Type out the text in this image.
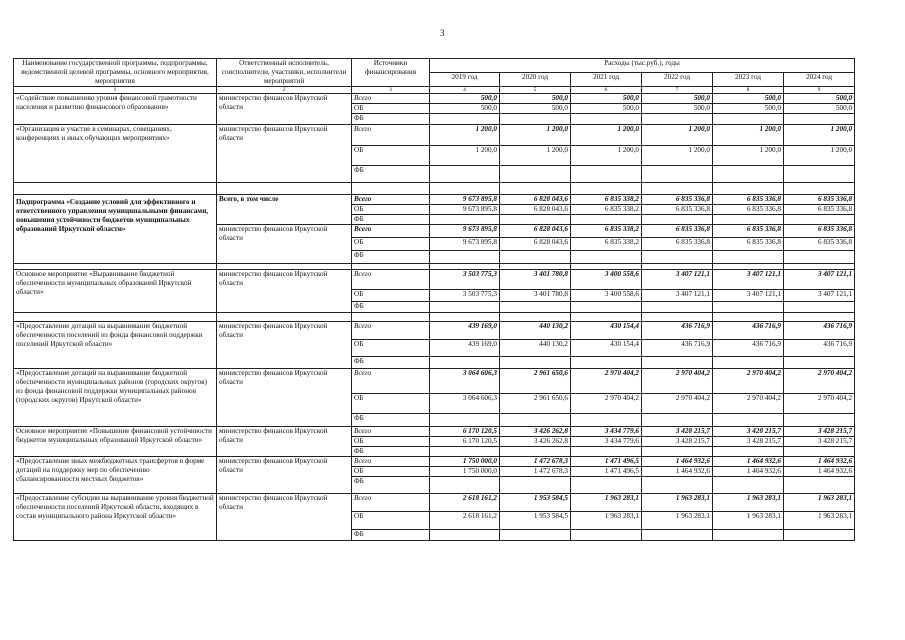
3
Наименование государственной программы, подпрограммы, ведомственной целевой программы, основного мероприятия, мероприятия	Ответственный исполнитель, соисполнители, участники, исполнители мероприятий	Источники финансирования	Расходы (тыс.руб.), годы					
			2019 год	2020 год	2021 год	2022 год	2023 год	2024 год
1	2	3	4	5	6	7	8	9
«Содействие повышению уровня финансовой грамотности населения и развитию финансового образования»	министерство финансов Иркутской области	Всего	500,0	500,0	500,0	500,0	500,0	500,0
		ОБ	500,0	500,0	500,0	500,0	500,0	500,0
		ФБ						
«Организация и участие в семинарах, совещаниях, конференциях и иных обучающих мероприятиях»	министерство финансов Иркутской области	Всего	1 200,0	1 200,0	1 200,0	1 200,0	1 200,0	1 200,0
		ОБ	1 200,0	1 200,0	1 200,0	1 200,0	1 200,0	1 200,0
		ФБ						

Подпрограмма «Создание условий для эффективного и ответственного управления муниципальными финансами, повышения устойчивости бюджетов муниципальных образований Иркутской области»	Всего, в том числе	Всего	9 673 895,8	6 828 043,6	6 835 338,2	6 835 336,8	6 835 336,8	6 835 336,8
		ОБ	9 673 895,8	6 828 043,6	6 835 338,2	6 835 336,8	6 835 336,8	6 835 336,8
		ФБ						
	министерство финансов Иркутской области	Всего	9 673 895,8	6 828 043,6	6 835 338,2	6 835 336,8	6 835 336,8	6 835 336,8
		ОБ	9 673 895,8	6 828 043,6	6 835 338,2	6 835 336,8	6 835 336,8	6 835 336,8
		ФБ						

Основное мероприятие «Выравнивание бюджетной обеспеченности муниципальных образований Иркутской области»	министерство финансов Иркутской области	Всего	3 503 775,3	3 401 780,8	3 400 558,6	3 407 121,1	3 407 121,1	3 407 121,1
		ОБ	3 503 775,3	3 401 780,8	3 400 558,6	3 407 121,1	3 407 121,1	3 407 121,1
		ФБ						

«Предоставление дотаций на выравнивание бюджетной обеспеченности поселений из фонда финансовой поддержки поселений Иркутской области»	министерство финансов Иркутской области	Всего	439 169,0	440 130,2	430 154,4	436 716,9	436 716,9	436 716,9
		ОБ	439 169,0	440 130,2	430 154,4	436 716,9	436 716,9	436 716,9
		ФБ						
«Предоставление дотаций на выравнивание бюджетной обеспеченности муниципальных районов (городских округов) из фонда финансовой поддержки муниципальных районов (городских округов) Иркутской области»	министерство финансов Иркутской области	Всего	3 064 606,3	2 961 650,6	2 970 404,2	2 970 404,2	2 970 404,2	2 970 404,2
		ОБ	3 064 606,3	2 961 650,6	2 970 404,2	2 970 404,2	2 970 404,2	2 970 404,2
		ФБ						
Основное мероприятие «Повышение финансовой устойчивости бюджетов муниципальных образований Иркутской области»	министерство финансов Иркутской области	Всего	6 170 120,5	3 426 262,8	3 434 779,6	3 428 215,7	3 428 215,7	3 428 215,7
		ОБ	6 170 120,5	3 426 262,8	3 434 779,6	3 428 215,7	3 428 215,7	3 428 215,7
		ФБ						
«Предоставление иных межбюджетных трансфертов в форме дотаций на поддержку мер по обеспечению сбалансированности местных бюджетов»	министерство финансов Иркутской области	Всего	1 750 000,0	1 472 678,3	1 471 496,5	1 464 932,6	1 464 932,6	1 464 932,6
		ОБ	1 750 000,0	1 472 678,3	1 471 496,5	1 464 932,6	1 464 932,6	1 464 932,6
		ФБ						
«Предоставление субсидии на выравнивание уровня бюджетной обеспеченности поселений Иркутской области, входящих в состав муниципального района Иркутской области»	министерство финансов Иркутской области	Всего	2 618 161,2	1 953 584,5	1 963 283,1	1 963 283,1	1 963 283,1	1 963 283,1
		ОБ	2 618 161,2	1 953 584,5	1 963 283,1	1 963 283,1	1 963 283,1	1 963 283,1
		ФБ						
